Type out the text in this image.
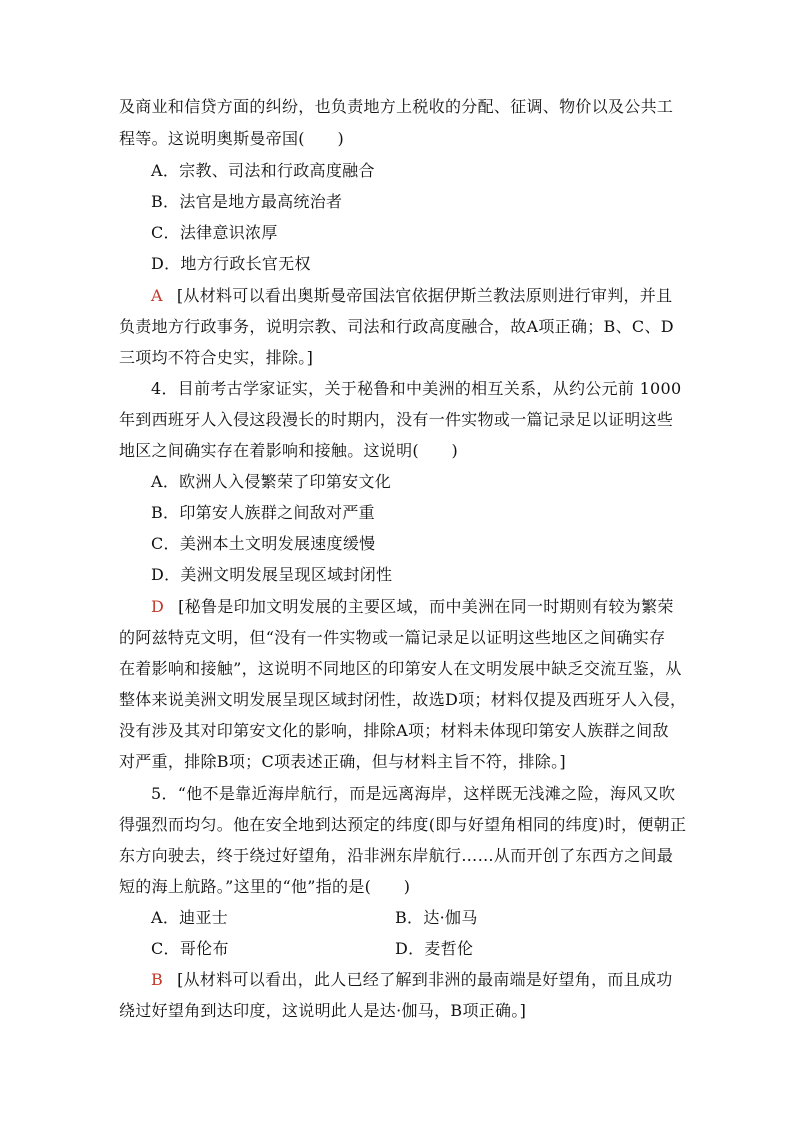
及商业和信贷方面的纠纷，也负责地方上税收的分配、征调、物价以及公共工
程等。这说明奥斯曼帝国(　　)
A．宗教、司法和行政高度融合
B．法官是地方最高统治者
C．法律意识浓厚
D．地方行政长官无权
A [从材料可以看出奥斯曼帝国法官依据伊斯兰教法原则进行审判，并且
负责地方行政事务，说明宗教、司法和行政高度融合，故A项正确；B、C、D
三项均不符合史实，排除。]
4．目前考古学家证实，关于秘鲁和中美洲的相互关系，从约公元前 1000
年到西班牙人入侵这段漫长的时期内，没有一件实物或一篇记录足以证明这些
地区之间确实存在着影响和接触。这说明(　　)
A．欧洲人入侵繁荣了印第安文化
B．印第安人族群之间敌对严重
C．美洲本土文明发展速度缓慢
D．美洲文明发展呈现区域封闭性
D [秘鲁是印加文明发展的主要区域，而中美洲在同一时期则有较为繁荣
的阿兹特克文明，但“没有一件实物或一篇记录足以证明这些地区之间确实存
在着影响和接触”，这说明不同地区的印第安人在文明发展中缺乏交流互鉴，从
整体来说美洲文明发展呈现区域封闭性，故选D项；材料仅提及西班牙人入侵，
没有涉及其对印第安文化的影响，排除A项；材料未体现印第安人族群之间敌
对严重，排除B项；C项表述正确，但与材料主旨不符，排除。]
5．“他不是靠近海岸航行，而是远离海岸，这样既无浅滩之险，海风又吹
得强烈而均匀。他在安全地到达预定的纬度(即与好望角相同的纬度)时，便朝正
东方向驶去，终于绕过好望角，沿非洲东岸航行……从而开创了东西方之间最
短的海上航路。”这里的“他”指的是(　　)
A．迪亚士	B．达·伽马
C．哥伦布	D．麦哲伦
B [从材料可以看出，此人已经了解到非洲的最南端是好望角，而且成功
绕过好望角到达印度，这说明此人是达·伽马，B项正确。]
